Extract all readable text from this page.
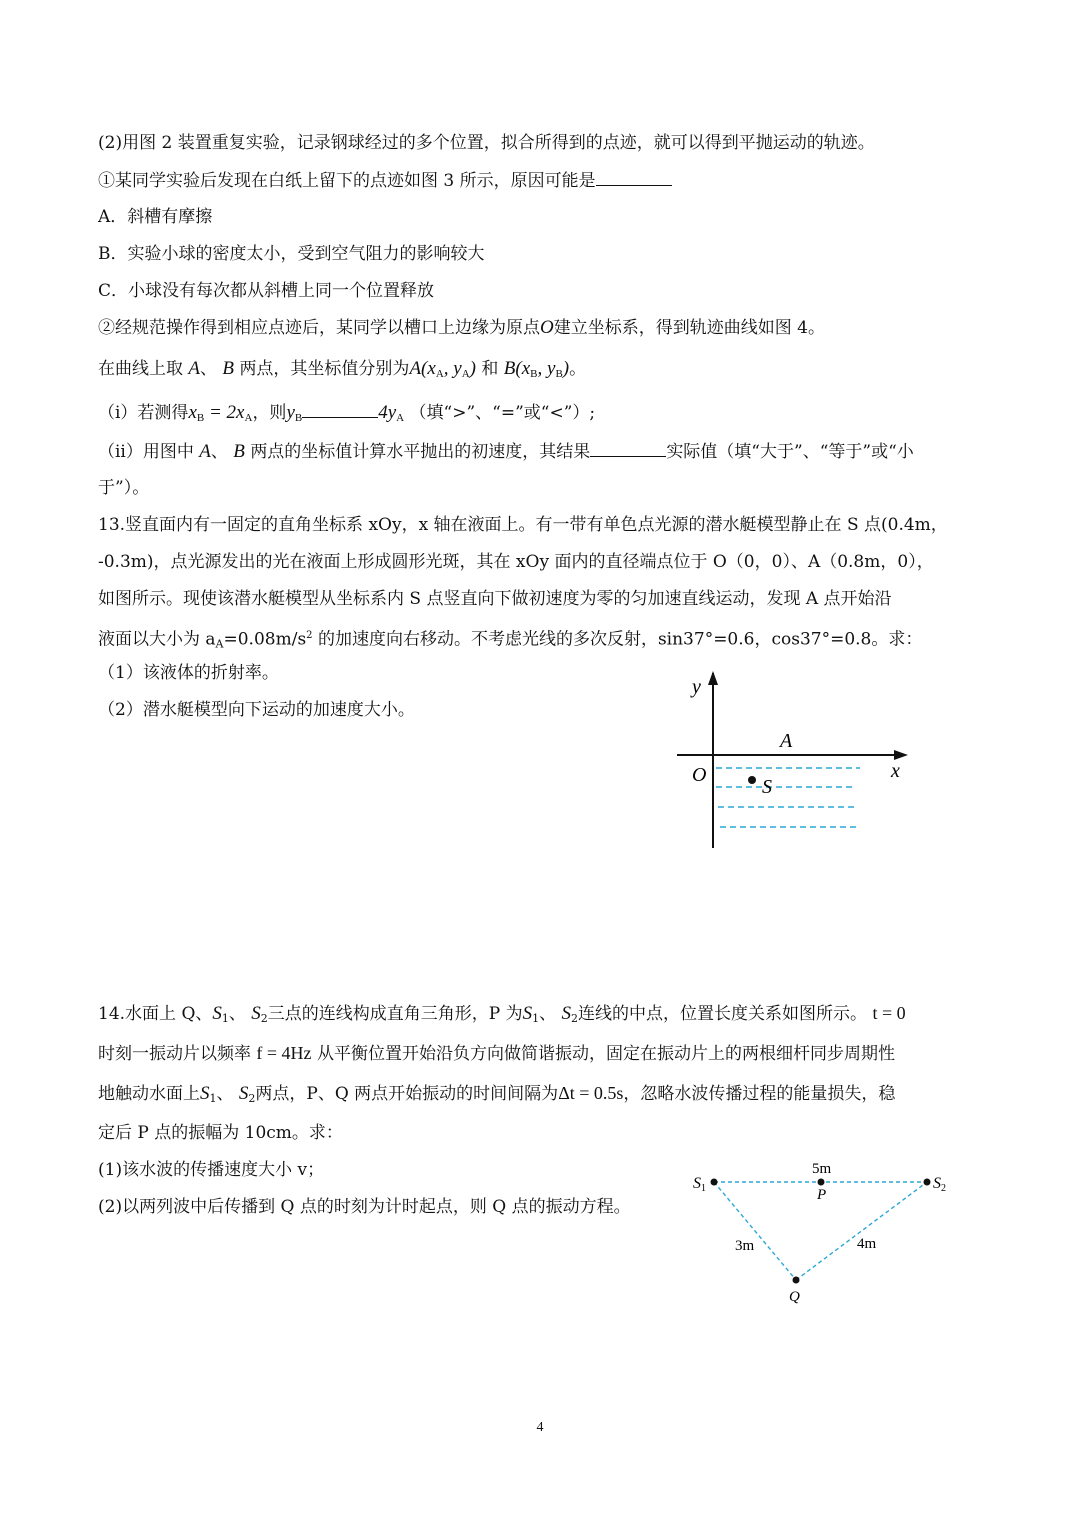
(2)用图 2 装置重复实验，记录钢球经过的多个位置，拟合所得到的点迹，就可以得到平抛运动的轨迹。
①某同学实验后发现在白纸上留下的点迹如图 3 所示，原因可能是
A．斜槽有摩擦
B．实验小球的密度太小，受到空气阻力的影响较大
C．小球没有每次都从斜槽上同一个位置释放
②经规范操作得到相应点迹后，某同学以槽口上边缘为原点O建立坐标系，得到轨迹曲线如图 4。
在曲线上取 A、 B 两点，其坐标值分别为$A(x_A$, $y_A$) 和 $B(x_B$, $y_B$)。
（i）若测得$x_B = 2x_A$，则$y_B$	$4y_A$ （填“>”、“=”或“<”）;
（ii）用图中 A、 B 两点的坐标值计算水平抛出的初速度，其结果	实际值（填“大于”、“等于”或“小
于”）。
13.竖直面内有一固定的直角坐标系 xOy，x 轴在液面上。有一带有单色点光源的潜水艇模型静止在 S 点(0.4m，
-0.3m)，点光源发出的光在液面上形成圆形光斑，其在 xOy 面内的直径端点位于 O（0，0）、A（0.8m，0），
如图所示。现使该潜水艇模型从坐标系内 S 点竖直向下做初速度为零的匀加速直线运动，发现 A 点开始沿
液面以大小为 $a_A=0.08m/s^2$ 的加速度向右移动。不考虑光线的多次反射，sin37°=0.6，cos37°=0.8。求：
（1）该液体的折射率。
（2）潜水艇模型向下运动的加速度大小。
y
x
O
A
S
14.水面上 Q、$S_1$、 $S_2$三点的连线构成直角三角形，P 为$S_1$、 $S_2$连线的中点，位置长度关系如图所示。 t = 0
时刻一振动片以频率 f = 4Hz 从平衡位置开始沿负方向做简谐振动，固定在振动片上的两根细杆同步周期性
地触动水面上$S_1$、 $S_2$两点，P、Q 两点开始振动的时间间隔为Δt = 0.5s，忽略水波传播过程的能量损失，稳
定后 P 点的振幅为 10cm。求：
(1)该水波的传播速度大小 v；
(2)以两列波中后传播到 Q 点的时刻为计时起点，则 Q 点的振动方程。
S1	S2
P
Q
5m
3m	4m
4
